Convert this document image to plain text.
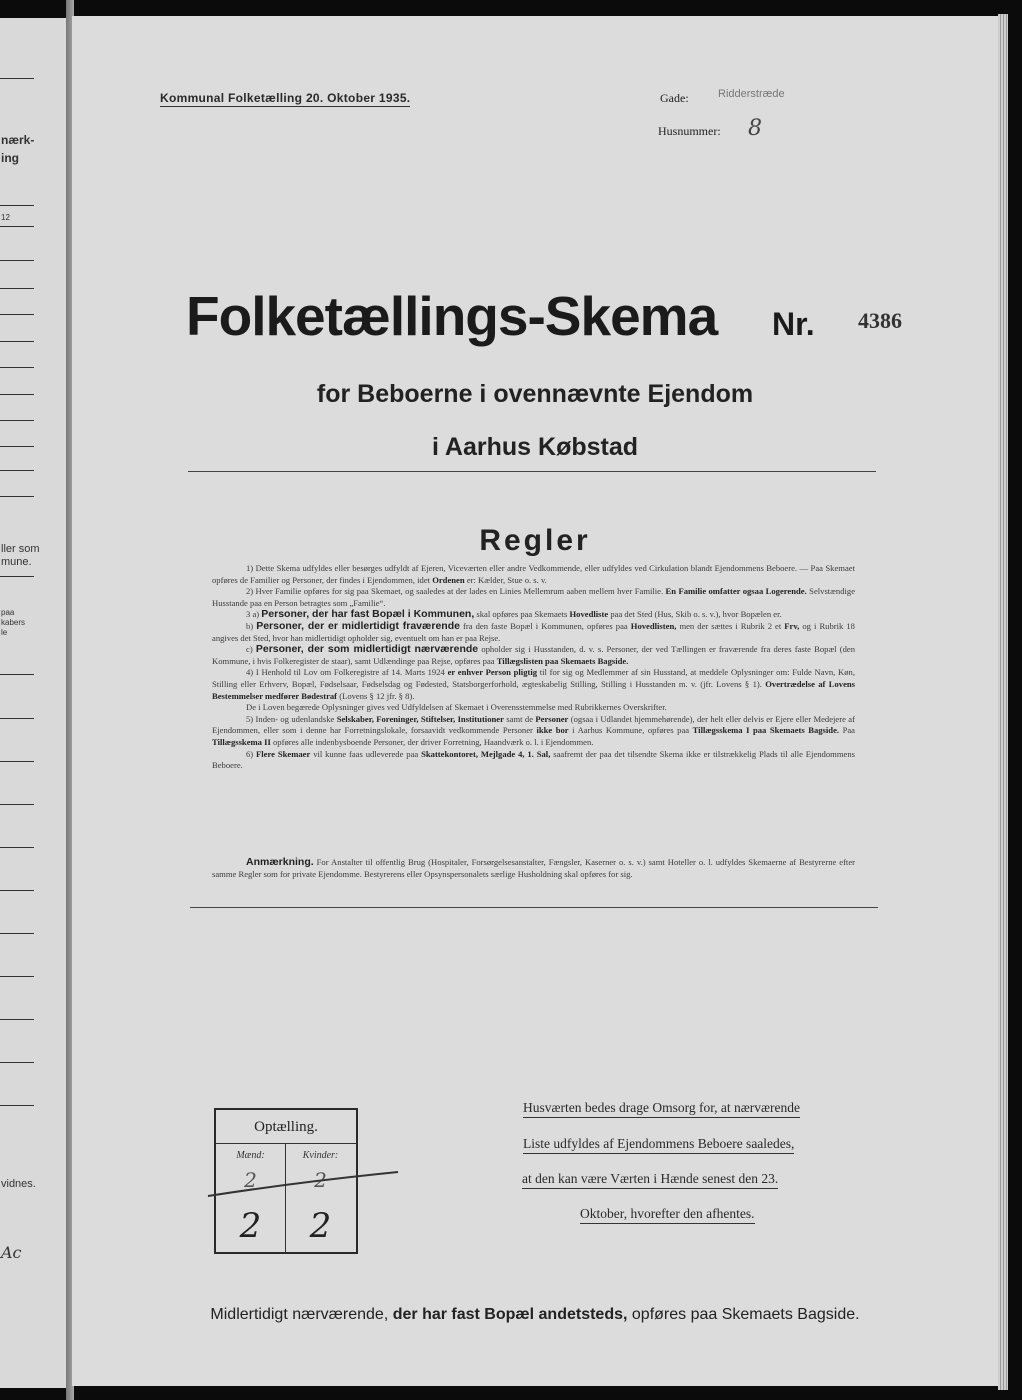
nærk-
ing
12
ller som
mune.
paa
kabers
le
vidnes.
Ac
Kommunal Folketælling 20. Oktober 1935.	Gade:	Ridderstræde
Husnummer: 8
Folketællings-Skema Nr. 4386
for Beboerne i ovennævnte Ejendom
i Aarhus Købstad
Regler

1) Dette Skema udfyldes eller besørges udfyldt af Ejeren, Viceværten eller andre Vedkommende, eller udfyldes ved Cirkulation blandt Ejendommens Beboere. — Paa Skemaet opføres de Familier og Personer, der findes i Ejendommen, idet Ordenen er: Kælder, Stue o. s. v.

2) Hver Familie opføres for sig paa Skemaet, og saaledes at der lades en Linies Mellemrum aaben mellem hver Familie. En Familie omfatter ogsaa Logerende. Selvstændige Husstande paa en Person betragtes som „Familie“.

3 a) Personer, der har fast Bopæl i Kommunen, skal opføres paa Skemaets Hovedliste paa det Sted (Hus, Skib o. s. v.), hvor Bopælen er.

b) Personer, der er midlertidigt fraværende fra den faste Bopæl i Kommunen, opføres paa Hovedlisten, men der sættes i Rubrik 2 et Frv, og i Rubrik 18 angives det Sted, hvor han midlertidigt opholder sig, eventuelt om han er paa Rejse.

c) Personer, der som midlertidigt nærværende opholder sig i Husstanden, d. v. s. Personer, der ved Tællingen er fraværende fra deres faste Bopæl (den Kommune, i hvis Folkeregister de staar), samt Udlændinge paa Rejse, opføres paa Tillægslisten paa Skemaets Bagside.

4) I Henhold til Lov om Folkeregistre af 14. Marts 1924 er enhver Person pligtig til for sig og Medlemmer af sin Husstand, at meddele Oplysninger om: Fulde Navn, Køn, Stilling eller Erhverv, Bopæl, Fødselsaar, Fødselsdag og Fødested, Statsborgerforhold, ægteskabelig Stilling, Stilling i Husstanden m. v. (jfr. Lovens § 1). Overtrædelse af Lovens Bestemmelser medfører Bødestraf (Lovens § 12 jfr. § 8).

De i Loven begærede Oplysninger gives ved Udfyldelsen af Skemaet i Overensstemmelse med Rubrikkernes Overskrifter.

5) Inden- og udenlandske Selskaber, Foreninger, Stiftelser, Institutioner samt de Personer (ogsaa i Udlandet hjemmehørende), der helt eller delvis er Ejere eller Medejere af Ejendommen, eller som i denne har Forretningslokale, forsaavidt vedkommende Personer ikke bor i Aarhus Kommune, opføres paa Tillægsskema I paa Skemaets Bagside. Paa Tillægsskema II opføres alle indenbysboende Personer, der driver Forretning, Haandværk o. l. i Ejendommen.

6) Flere Skemaer vil kunne faas udleverede paa Skattekontoret, Mejlgade 4, 1. Sal, saafremt der paa det tilsendte Skema ikke er tilstrækkelig Plads til alle Ejendommens Beboere.

Anmærkning. For Anstalter til offentlig Brug (Hospitaler, Forsørgelsesanstalter, Fængsler, Kaserner o. s. v.) samt Hoteller o. l. udfyldes Skemaerne af Bestyrerne efter samme Regler som for private Ejendomme. Bestyrerens eller Opsynspersonalets særlige Husholdning skal opføres for sig.
Optælling.
Mænd:	Kvinder:
2	2
2	2
Husværten bedes drage Omsorg for, at nærværende
Liste udfyldes af Ejendommens Beboere saaledes,
at den kan være Værten i Hænde senest den 23.
Oktober, hvorefter den afhentes.
Midlertidigt nærværende, der har fast Bopæl andetsteds, opføres paa Skemaets Bagside.
